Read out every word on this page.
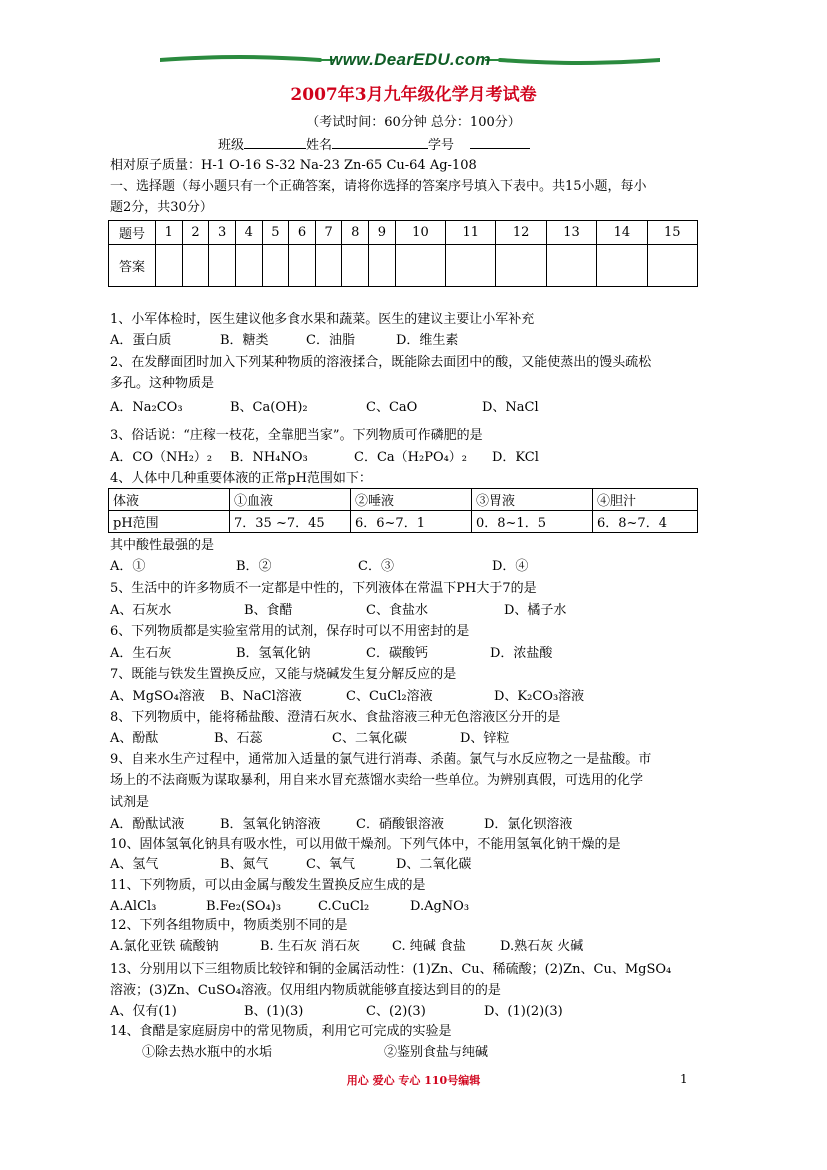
www.DearEDU.com
2007年3月九年级化学月考试卷
（考试时间：60分钟 总分：100分）
班级	姓名	学号
相对原子质量：H-1 O-16 S-32 Na-23 Zn-65 Cu-64 Ag-108
一、选择题（每小题只有一个正确答案，请将你选择的答案序号填入下表中。共15小题，每小
题2分，共30分）
题号	1	2	3	4	5	6	7	8	9	10	11	12	13	14	15
答案															
1、小军体检时，医生建议他多食水果和蔬菜。医生的建议主要让小军补充
A．蛋白质	B．糖类	C．油脂	D．维生素
2、在发酵面团时加入下列某种物质的溶液揉合，既能除去面团中的酸，又能使蒸出的馒头疏松
多孔。这种物质是
A．Na₂CO₃	B、Ca(OH)₂	C、CaO	D、NaCl
3、俗话说：“庄稼一枝花，全靠肥当家”。下列物质可作磷肥的是
A．CO（NH₂）₂ B．NH₄NO₃	C．Ca（H₂PO₄）₂ D．KCl
4、人体中几种重要体液的正常pH范围如下：
体液	①血液	②唾液	③胃液	④胆汁
pH范围	7．35 ~7．45	6．6~7．1	0．8~1．5	6．8~7．4
其中酸性最强的是
A．①	B．②	C．③	D．④
5、生活中的许多物质不一定都是中性的，下列液体在常温下PH大于7的是
A、石灰水	B、食醋	C、食盐水	D、橘子水
6、下列物质都是实验室常用的试剂，保存时可以不用密封的是
A．生石灰	B．氢氧化钠	C．碳酸钙	D．浓盐酸
7、既能与铁发生置换反应，又能与烧碱发生复分解反应的是
A、MgSO₄溶液 B、NaCl溶液	C、CuCl₂溶液	D、K₂CO₃溶液
8、下列物质中，能将稀盐酸、澄清石灰水、食盐溶液三种无色溶液区分开的是
A、酚酞	B、石蕊	C、二氧化碳	D、锌粒
9、自来水生产过程中，通常加入适量的氯气进行消毒、杀菌。氯气与水反应物之一是盐酸。市
场上的不法商贩为谋取暴利，用自来水冒充蒸馏水卖给一些单位。为辨别真假，可选用的化学
试剂是
A．酚酞试液	B．氢氧化钠溶液	C．硝酸银溶液	D．氯化钡溶液
10、固体氢氧化钠具有吸水性，可以用做干燥剂。下列气体中，不能用氢氧化钠干燥的是
A、氢气	B、氮气	C、氧气	D、二氧化碳
11、下列物质，可以由金属与酸发生置换反应生成的是
A.AlCl₃	B.Fe₂(SO₄)₃	C.CuCl₂	D.AgNO₃
12、下列各组物质中，物质类别不同的是
A.氯化亚铁 硫酸钠	B. 生石灰 消石灰 C. 纯碱 食盐	D.熟石灰 火碱
13、分别用以下三组物质比较锌和铜的金属活动性：(1)Zn、Cu、稀硫酸；(2)Zn、Cu、MgSO₄
溶液；(3)Zn、CuSO₄溶液。仅用组内物质就能够直接达到目的的是
A、仅有(1)	B、(1)(3)	C、(2)(3)	D、(1)(2)(3)
14、食醋是家庭厨房中的常见物质，利用它可完成的实验是
①除去热水瓶中的水垢	②鉴别食盐与纯碱
用心 爱心 专心 110号编辑	1
